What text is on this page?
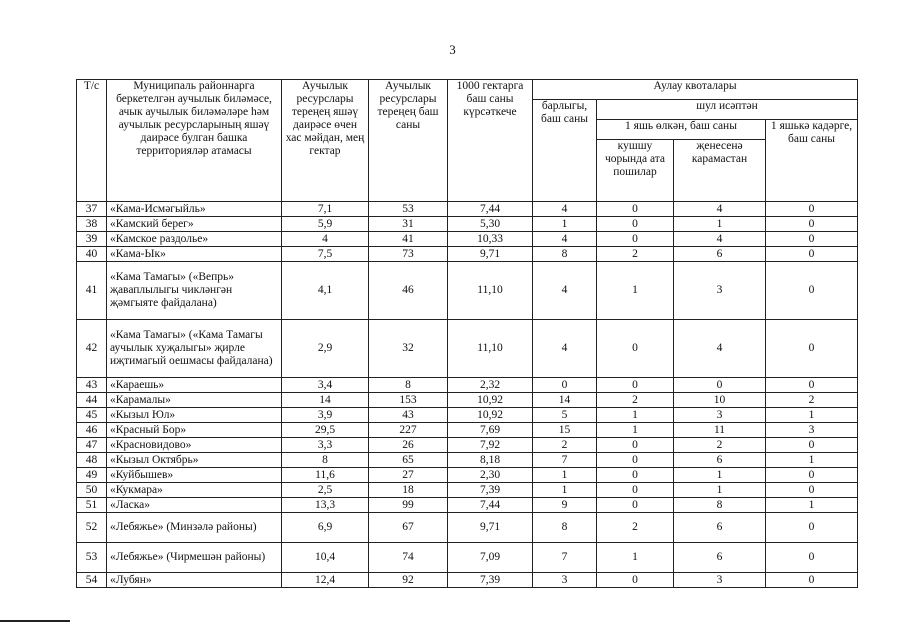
3
Т/с	Муниципаль районнарга беркетелгән аучылык биләмәсе, ачык аучылык биләмәләре һәм аучылык ресурсларының яшәү даирәсе булган башка территорияләр атамасы	Аучылык ресурслары тереңең яшәү даирәсе өчен хас мәйдан, мең гектар	Аучылык ресурслары тереңең баш саны	1000 гектарга баш саны күрсәткече	Аулау квоталары			
					барлыгы, баш саны	шул исәптән		
						1 яшь өлкән, баш саны		1 яшькә кадәрге, баш саны
						кушшу чорында ата пошилар	җенесенә карамастан	

37	«Кама-Исмәгыйль»	7,1	53	7,44	4	0	4	0
38	«Камский берег»	5,9	31	5,30	1	0	1	0
39	«Камское раздолье»	4	41	10,33	4	0	4	0
40	«Кама-Ык»	7,5	73	9,71	8	2	6	0
41	«Кама Тамагы» («Вепрь» җаваплылыгы чикләнгән җәмгыяте файдалана)	4,1	46	11,10	4	1	3	0
42	«Кама Тамагы» («Кама Тамагы аучылык хуҗалыгы» җирле иҗтимагый оешмасы файдалана)	2,9	32	11,10	4	0	4	0
43	«Караешь»	3,4	8	2,32	0	0	0	0
44	«Карамалы»	14	153	10,92	14	2	10	2
45	«Кызыл Юл»	3,9	43	10,92	5	1	3	1
46	«Красный Бор»	29,5	227	7,69	15	1	11	3
47	«Красновидово»	3,3	26	7,92	2	0	2	0
48	«Кызыл Октябрь»	8	65	8,18	7	0	6	1
49	«Куйбышев»	11,6	27	2,30	1	0	1	0
50	«Кукмара»	2,5	18	7,39	1	0	1	0
51	«Ласка»	13,3	99	7,44	9	0	8	1
52	«Лебяжье» (Минзәлә районы)	6,9	67	9,71	8	2	6	0
53	«Лебяжье» (Чирмешән районы)	10,4	74	7,09	7	1	6	0
54	«Лубян»	12,4	92	7,39	3	0	3	0
